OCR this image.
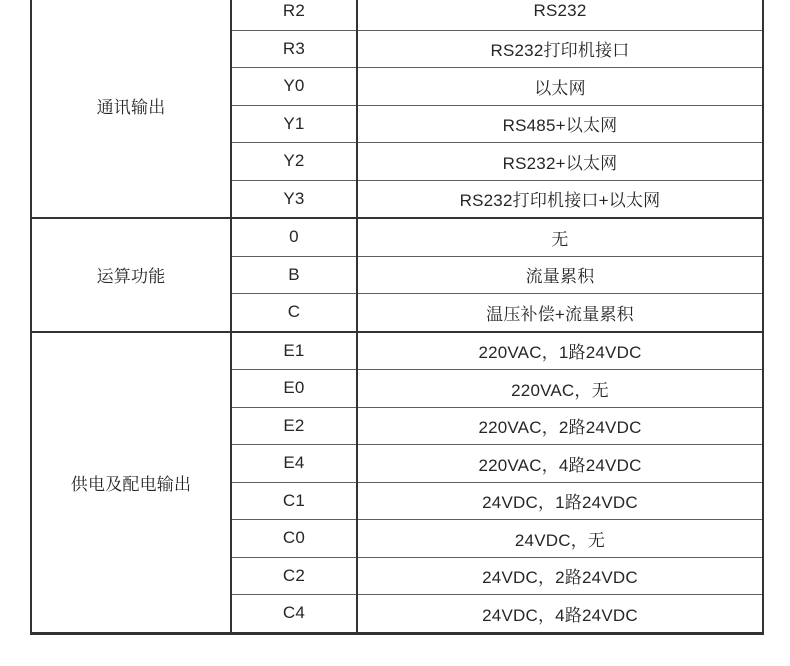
通讯输出	R2	RS232
	R3	RS232打印机接口
	Y0	以太网
	Y1	RS485+以太网
	Y2	RS232+以太网
	Y3	RS232打印机接口+以太网
运算功能	0	无
	B	流量累积
	C	温压补偿+流量累积
供电及配电输出	E1	220VAC，1路24VDC
	E0	220VAC，无
	E2	220VAC，2路24VDC
	E4	220VAC，4路24VDC
	C1	24VDC，1路24VDC
	C0	24VDC，无
	C2	24VDC，2路24VDC
	C4	24VDC，4路24VDC
